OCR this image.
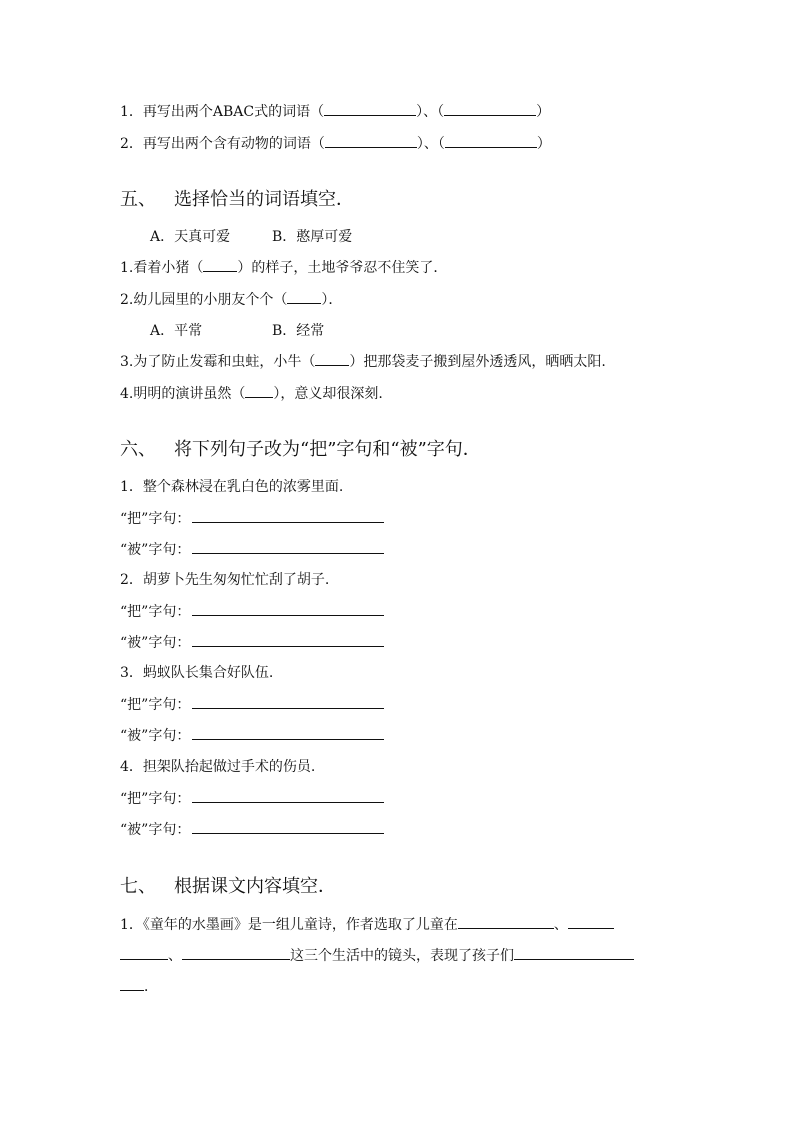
1．再写出两个ABAC式的词语（	）、（	）
2．再写出两个含有动物的词语（	）、（	）
五、 选择恰当的词语填空．
A．天真可爱	B．憨厚可爱
1.看着小猪（ ）的样子，土地爷爷忍不住笑了．
2.幼儿园里的小朋友个个（ ）．
A．平常	B．经常
3.为了防止发霉和虫蛀，小牛（ ）把那袋麦子搬到屋外透透风，晒晒太阳.
4.明明的演讲虽然（ ），意义却很深刻.
六、 将下列句子改为“把”字句和“被”字句．
1．整个森林浸在乳白色的浓雾里面.
“把”字句：
“被”字句：
2．胡萝卜先生匆匆忙忙刮了胡子.
“把”字句：
“被”字句：
3．蚂蚁队长集合好队伍.
“把”字句：
“被”字句：
4．担架队抬起做过手术的伤员.
“把”字句：
“被”字句：
七、 根据课文内容填空．
1．《童年的水墨画》是一组儿童诗，作者选取了儿童在	、
、	这三个生活中的镜头，表现了孩子们
．
